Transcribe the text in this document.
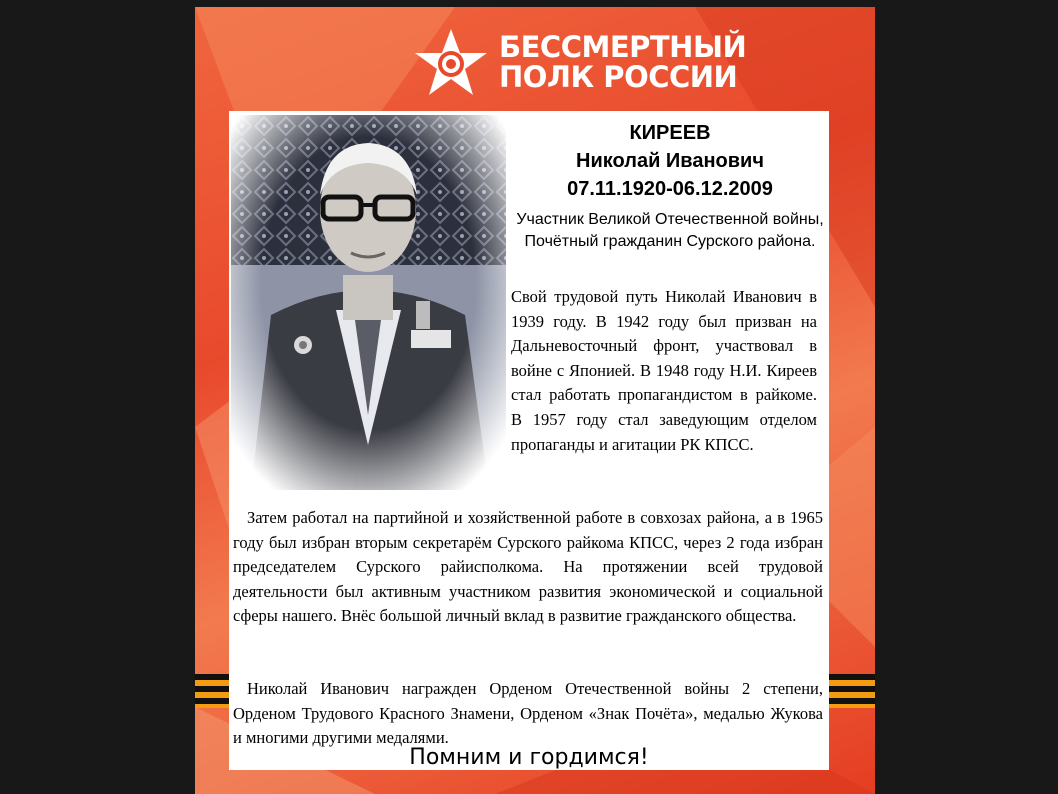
БЕССМЕРТНЫЙ
ПОЛК РОССИИ
КИРЕЕВ
Николай Иванович
07.11.1920-06.12.2009
Участник Великой Отечественной войны, Почётный гражданин Сурского района.
Свой трудовой путь Николай Иванович в 1939 году. В 1942 году был призван на Дальневосточный фронт, участвовал в войне с Японией. В 1948 году Н.И. Киреев стал работать пропагандистом в райкоме. В 1957 году стал заведующим отделом пропаганды и агитации РК КПСС.
Затем работал на партийной и хозяйственной работе в совхозах района, а в 1965 году был избран вторым секретарём Сурского райкома КПСС, через 2 года избран председателем Сурского райисполкома. На протяжении всей трудовой деятельности был активным участником развития экономической и социальной сферы нашего. Внёс большой личный вклад в развитие гражданского общества.
Николай Иванович награжден Орденом Отечественной войны 2 степени, Орденом Трудового Красного Знамени, Орденом «Знак Почёта», медалью Жукова и многими другими медалями.
Помним и гордимся!
